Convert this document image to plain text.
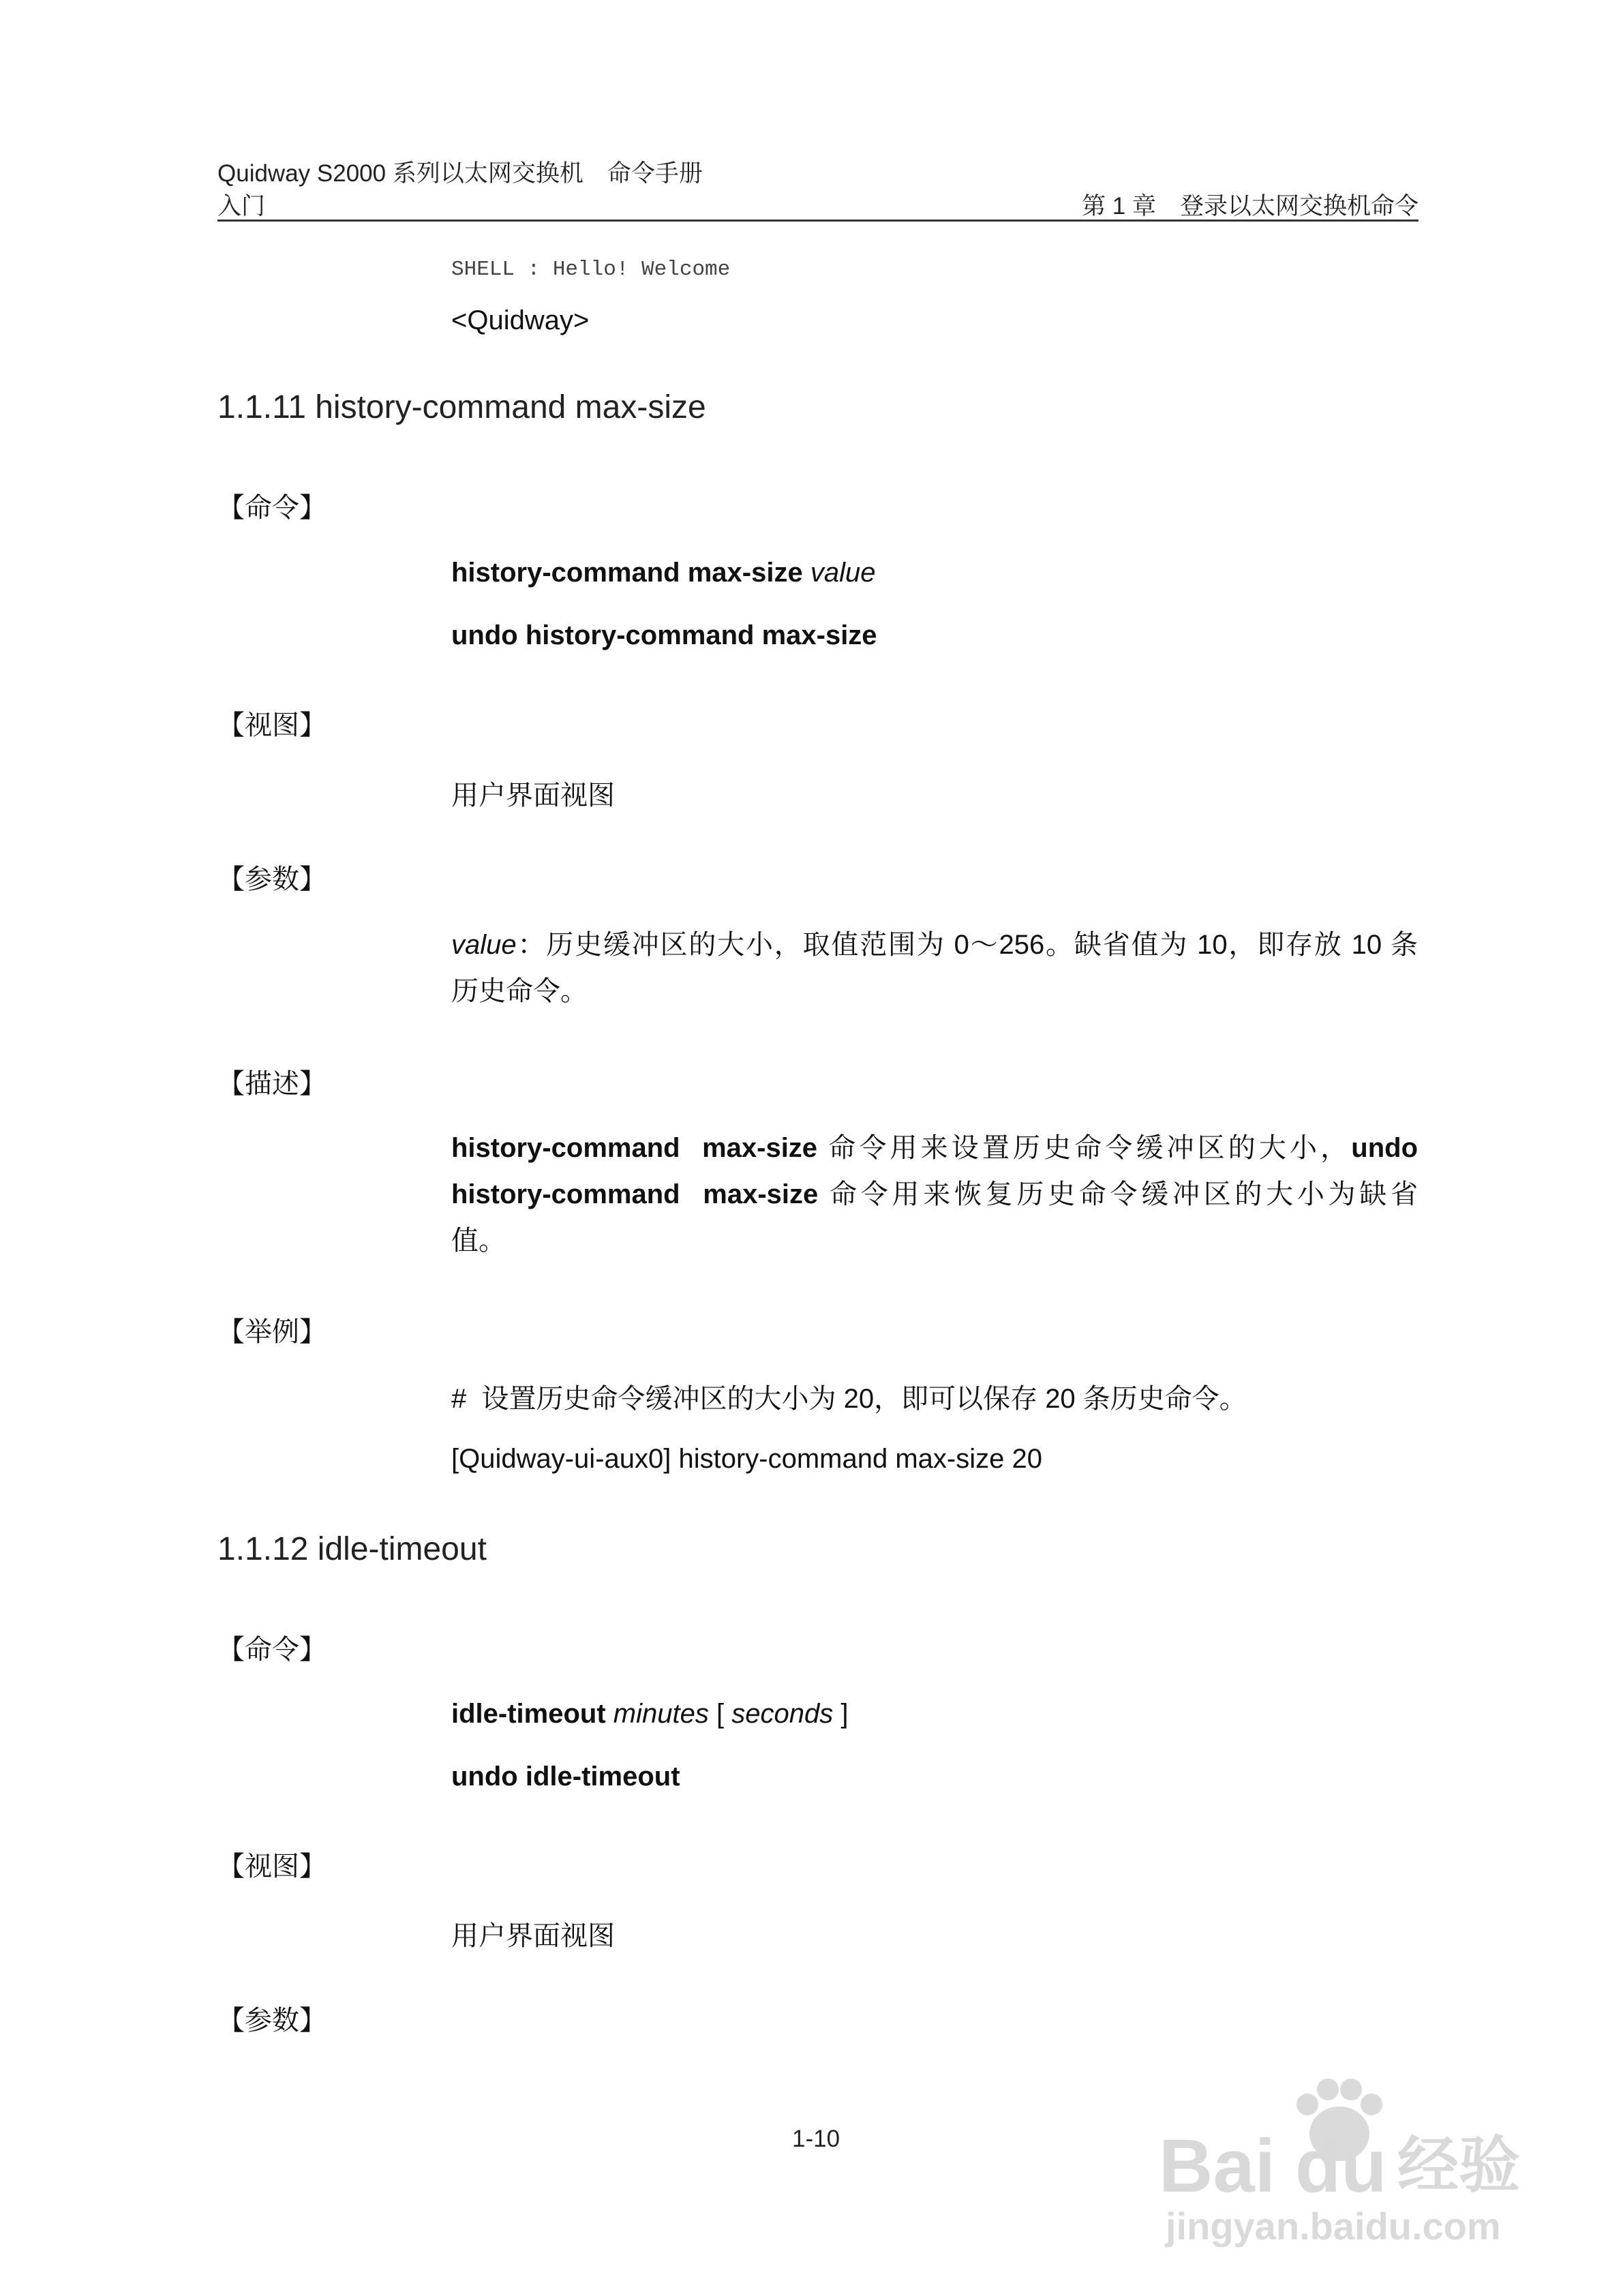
Quidway S2000 系列以太网交换机　命令手册
入门	第 1 章　登录以太网交换机命令
SHELL : Hello! Welcome
<Quidway>
1.1.11 history-command max-size
【命令】
history-command max-size value
undo history-command max-size
【视图】
用户界面视图
【参数】
value：历史缓冲区的大小，取值范围为 0～256。缺省值为 10，即存放 10 条
历史命令。
【描述】
history-command  max-size 命令用来设置历史命令缓冲区的大小，undo
history-command  max-size 命令用来恢复历史命令缓冲区的大小为缺省
值。
【举例】
#  设置历史命令缓冲区的大小为 20，即可以保存 20 条历史命令。
[Quidway-ui-aux0] history-command max-size 20
1.1.12 idle-timeout
【命令】
idle-timeout minutes [ seconds ]
undo idle-timeout
【视图】
用户界面视图
【参数】
1-10	Bai du 经验
jingyan.baidu.com
